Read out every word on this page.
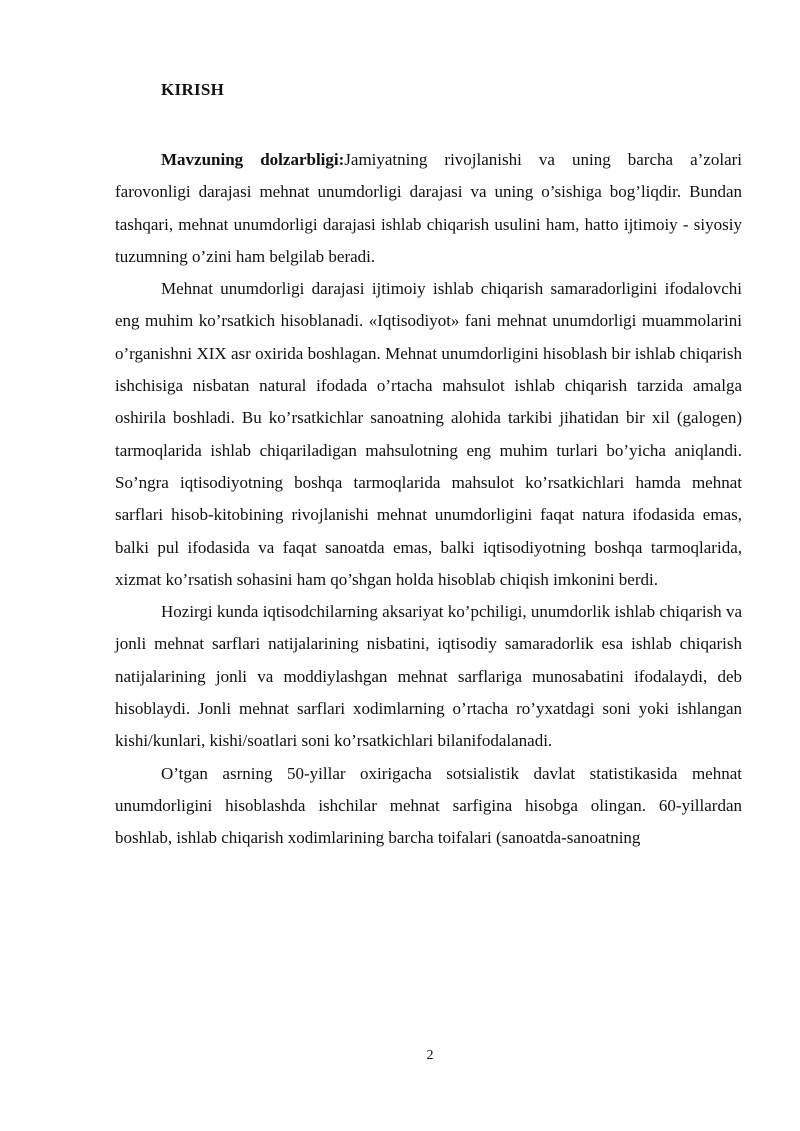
KIRISH

Mavzuning dolzarbligi:Jamiyatning rivojlanishi va uning barcha a’zolari farovonligi darajasi mehnat unumdorligi darajasi va uning o’sishiga bog’liqdir. Bundan tashqari, mehnat unumdorligi darajasi ishlab chiqarish usulini ham, hatto ijtimoiy - siyosiy tuzumning o’zini ham belgilab beradi.

Mehnat unumdorligi darajasi ijtimoiy ishlab chiqarish samaradorligini ifodalovchi eng muhim ko’rsatkich hisoblanadi. «Iqtisodiyot» fani mehnat unumdorligi muammolarini o’rganishni XIX asr oxirida boshlagan. Mehnat unumdorligini hisoblash bir ishlab chiqarish ishchisiga nisbatan natural ifodada o’rtacha mahsulot ishlab chiqarish tarzida amalga oshirila boshladi. Bu ko’rsatkichlar sanoatning alohida tarkibi jihatidan bir xil (galogen) tarmoqlarida ishlab chiqariladigan mahsulotning eng muhim turlari bo’yicha aniqlandi. So’ngra iqtisodiyotning boshqa tarmoqlarida mahsulot ko’rsatkichlari hamda mehnat sarflari hisob-kitobining rivojlanishi mehnat unumdorligini faqat natura ifodasida emas, balki pul ifodasida va faqat sanoatda emas, balki iqtisodiyotning boshqa tarmoqlarida, xizmat ko’rsatish sohasini ham qo’shgan holda hisoblab chiqish imkonini berdi.

Hozirgi kunda iqtisodchilarning aksariyat ko’pchiligi, unumdorlik ishlab chiqarish va jonli mehnat sarflari natijalarining nisbatini, iqtisodiy samaradorlik esa ishlab chiqarish natijalarining jonli va moddiylashgan mehnat sarflariga munosabatini ifodalaydi, deb hisoblaydi. Jonli mehnat sarflari xodimlarning o’rtacha ro’yxatdagi soni yoki ishlangan kishi/kunlari, kishi/soatlari soni ko’rsatkichlari bilanifodalanadi.

O’tgan asrning 50-yillar oxirigacha sotsialistik davlat statistikasida mehnat unumdorligini hisoblashda ishchilar mehnat sarfigina hisobga olingan. 60-yillardan boshlab, ishlab chiqarish xodimlarining barcha toifalari (sanoatda-sanoatning

2
